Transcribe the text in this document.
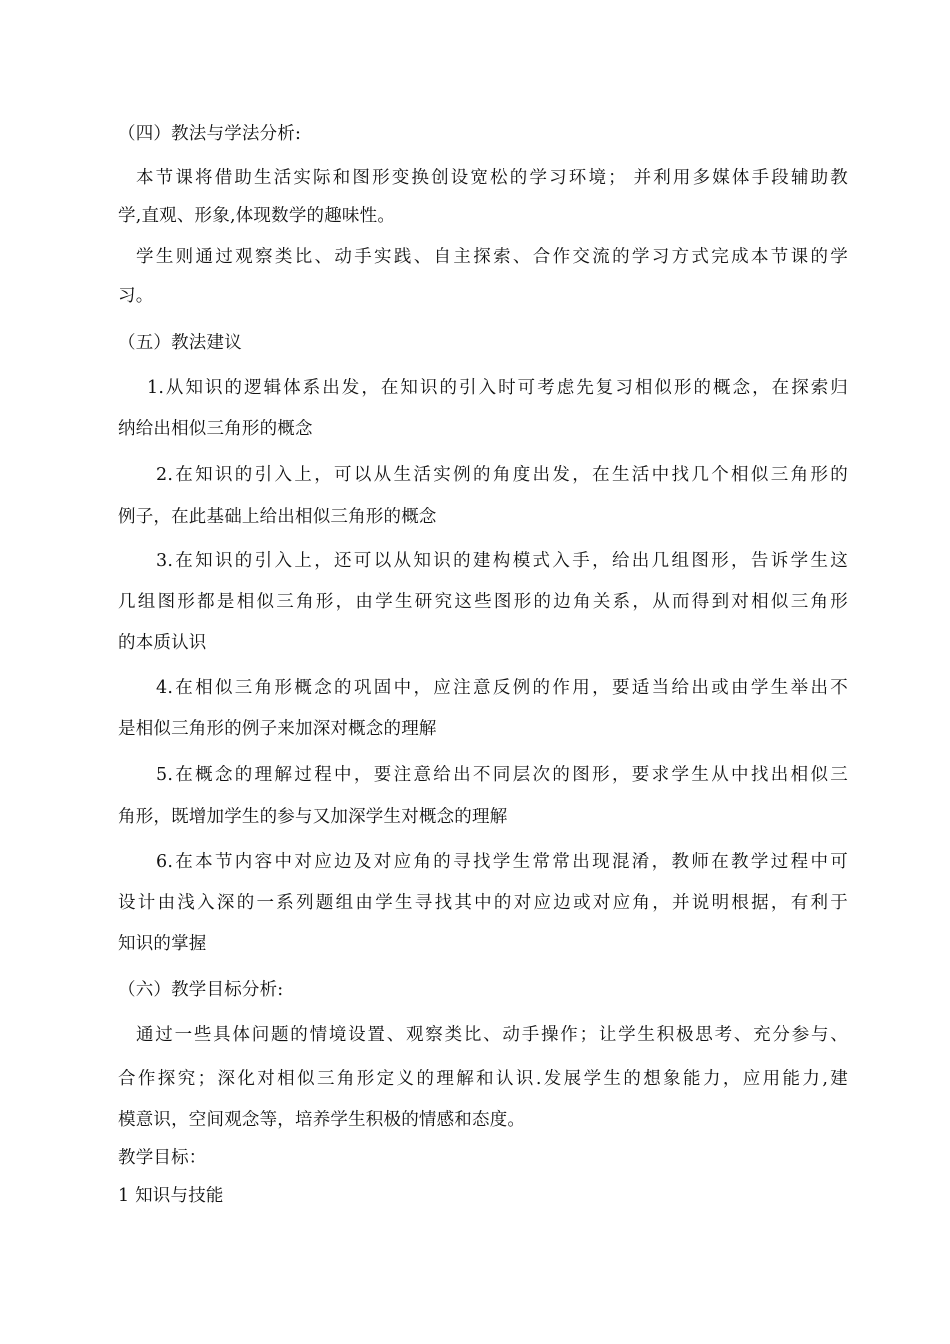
（四）教法与学法分析:
本节课将借助生活实际和图形变换创设宽松的学习环境； 并利用多媒体手段辅助教
学,直观、形象,体现数学的趣味性。
学生则通过观察类比、动手实践、自主探索、合作交流的学习方式完成本节课的学
习。
（五）教法建议
1.从知识的逻辑体系出发，在知识的引入时可考虑先复习相似形的概念，在探索归
纳给出相似三角形的概念
2.在知识的引入上，可以从生活实例的角度出发，在生活中找几个相似三角形的
例子，在此基础上给出相似三角形的概念
3.在知识的引入上，还可以从知识的建构模式入手，给出几组图形，告诉学生这
几组图形都是相似三角形，由学生研究这些图形的边角关系，从而得到对相似三角形
的本质认识
4.在相似三角形概念的巩固中，应注意反例的作用，要适当给出或由学生举出不
是相似三角形的例子来加深对概念的理解
5.在概念的理解过程中，要注意给出不同层次的图形，要求学生从中找出相似三
角形，既增加学生的参与又加深学生对概念的理解
6.在本节内容中对应边及对应角的寻找学生常常出现混淆，教师在教学过程中可
设计由浅入深的一系列题组由学生寻找其中的对应边或对应角，并说明根据，有利于
知识的掌握
（六）教学目标分析:
通过一些具体问题的情境设置、观察类比、动手操作；让学生积极思考、充分参与、
合作探究；深化对相似三角形定义的理解和认识.发展学生的想象能力，应用能力,建
模意识，空间观念等，培养学生积极的情感和态度。
教学目标：
1 知识与技能
